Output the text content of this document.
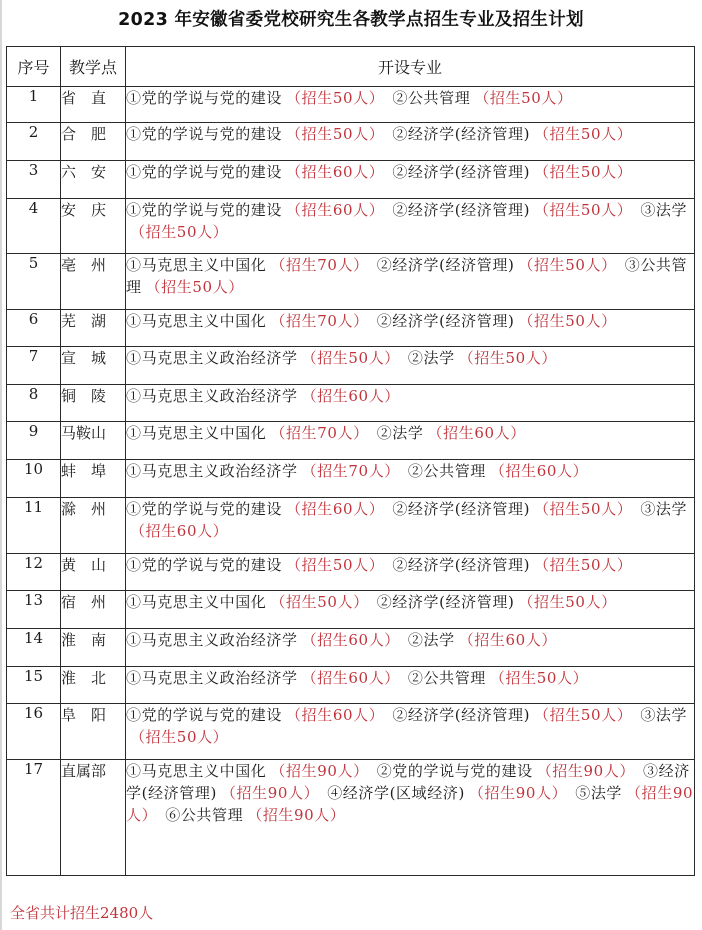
2023 年安徽省委党校研究生各教学点招生专业及招生计划
序号	教学点	开设专业
1	省　直	①党的学说与党的建设 （招生50人） ②公共管理 （招生50人）
2	合　肥	①党的学说与党的建设 （招生50人） ②经济学(经济管理) （招生50人）
3	六　安	①党的学说与党的建设 （招生60人） ②经济学(经济管理) （招生50人）
4	安　庆	①党的学说与党的建设 （招生60人） ②经济学(经济管理) （招生50人） ③法学（招生50人）
5	亳　州	①马克思主义中国化 （招生70人） ②经济学(经济管理) （招生50人） ③公共管理 （招生50人）
6	芜　湖	①马克思主义中国化 （招生70人） ②经济学(经济管理) （招生50人）
7	宣　城	①马克思主义政治经济学 （招生50人） ②法学 （招生50人）
8	铜　陵	①马克思主义政治经济学 （招生60人）
9	马鞍山	①马克思主义中国化 （招生70人） ②法学 （招生60人）
10	蚌　埠	①马克思主义政治经济学 （招生70人） ②公共管理 （招生60人）
11	滁　州	①党的学说与党的建设 （招生60人） ②经济学(经济管理) （招生50人） ③法学（招生60人）
12	黄　山	①党的学说与党的建设 （招生50人） ②经济学(经济管理) （招生50人）
13	宿　州	①马克思主义中国化 （招生50人） ②经济学(经济管理) （招生50人）
14	淮　南	①马克思主义政治经济学 （招生60人） ②法学 （招生60人）
15	淮　北	①马克思主义政治经济学 （招生60人） ②公共管理 （招生50人）
16	阜　阳	①党的学说与党的建设 （招生60人） ②经济学(经济管理) （招生50人） ③法学（招生50人）
17	直属部	①马克思主义中国化 （招生90人） ②党的学说与党的建设 （招生90人） ③经济学(经济管理) （招生90人） ④经济学(区域经济) （招生90人） ⑤法学 （招生90人） ⑥公共管理 （招生90人）
全省共计招生2480人
